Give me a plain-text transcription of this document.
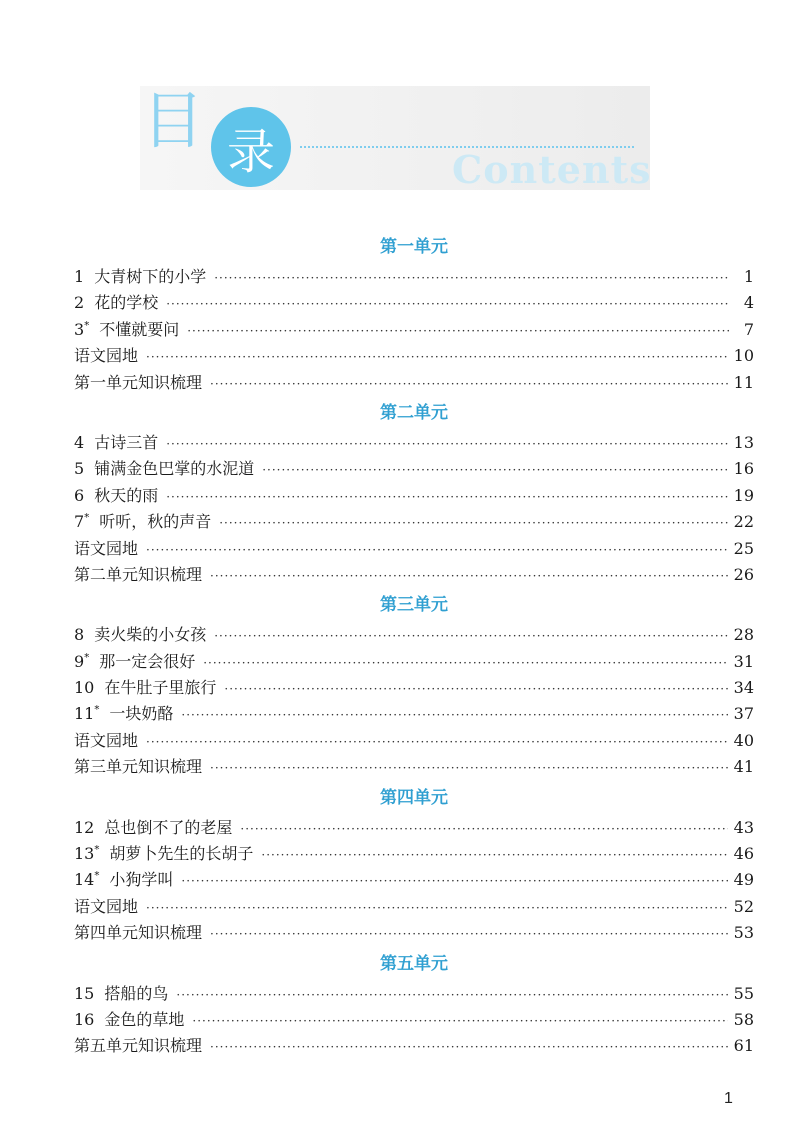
目 录	Contents
第一单元
1 大青树下的小学 ·····	1
2 花的学校 ·····	4
3* 不懂就要问 ·····	7
语文园地 ·····	10
第一单元知识梳理 ·····	11
第二单元
4 古诗三首 ·····	13
5 铺满金色巴掌的水泥道 ·····	16
6 秋天的雨 ·····	19
7* 听听，秋的声音 ·····	22
语文园地 ·····	25
第二单元知识梳理 ·····	26
第三单元
8 卖火柴的小女孩 ·····	28
9* 那一定会很好 ·····	31
10 在牛肚子里旅行 ·····	34
11* 一块奶酪 ·····	37
语文园地 ·····	40
第三单元知识梳理 ·····	41
第四单元
12 总也倒不了的老屋 ·····	43
13* 胡萝卜先生的长胡子 ·····	46
14* 小狗学叫 ·····	49
语文园地 ·····	52
第四单元知识梳理 ·····	53
第五单元
15 搭船的鸟 ·····	55
16 金色的草地 ·····	58
第五单元知识梳理 ·····	61
1
